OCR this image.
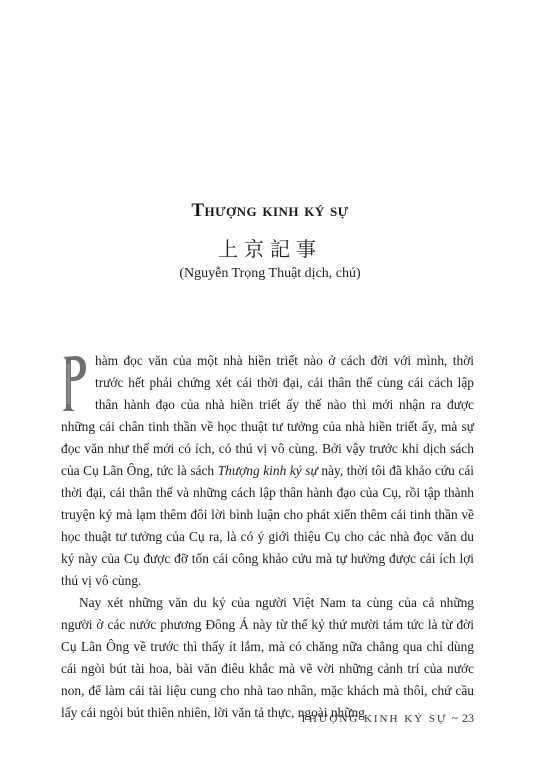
Thượng kinh ký sự
上京記事
(Nguyễn Trọng Thuật dịch, chú)

hàm đọc văn của một nhà hiền triết nào ở cách đời với mình, thời trước hết phải chứng xét cái thời đại, cái thân thế cùng cái cách lập thân hành đạo của nhà hiền triết ấy thế nào thì mới nhận ra được những cái chân tinh thần về học thuật tư tưởng của nhà hiền triết ấy, mà sự đọc văn như thế mới có ích, có thú vị vô cùng. Bởi vậy trước khi dịch sách của Cụ Lãn Ông, tức là sách Thượng kinh ký sự này, thời tôi đã khảo cứu cái thời đại, cái thân thế và những cách lập thân hành đạo của Cụ, rồi tập thành truyện ký mà lạm thêm đôi lời bình luận cho phát xiển thêm cái tinh thần về học thuật tư tưởng của Cụ ra, là có ý giới thiệu Cụ cho các nhà đọc văn du ký này của Cụ được đỡ tốn cái công khảo cứu mà tự hưởng được cái ích lợi thú vị vô cùng.

Nay xét những văn du ký của người Việt Nam ta cùng của cả những người ở các nước phương Đông Á này từ thế kỷ thứ mười tám tức là từ đời Cụ Lãn Ông về trước thì thấy ít lắm, mà có chăng nữa chẳng qua chỉ dùng cái ngòi bút tài hoa, bài văn điêu khắc mà vẽ vời những cảnh trí của nước non, để làm cái tài liệu cung cho nhà tao nhân, mặc khách mà thôi, chứ cầu lấy cái ngòi bút thiên nhiên, lời văn tả thực, ngoài những

THƯỢNG KINH KÝ SỰ ~ 23
